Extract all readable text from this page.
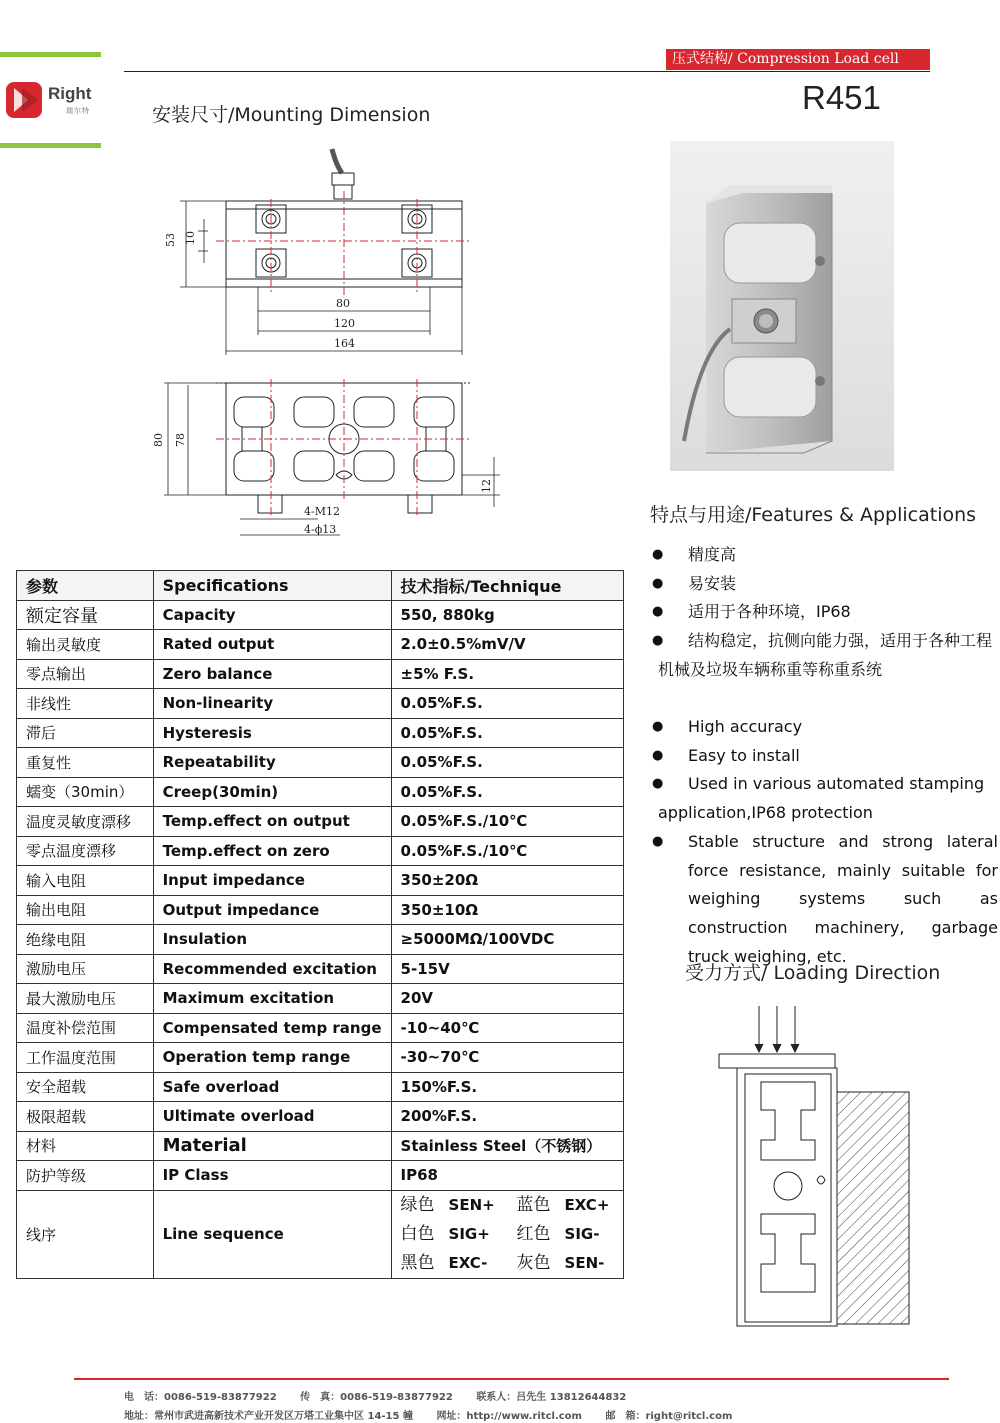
Right
瑞尔特
压式结构/ Compression Load cell
R451
安装尺寸/Mounting Dimension
53 10
80
120
164
80 78
12
4-M12
4-ϕ13
参数	Specifications	技术指标/Technique
额定容量	Capacity	550, 880kg
输出灵敏度	Rated output	2.0±0.5%mV/V
零点输出	Zero balance	±5% F.S.
非线性	Non-linearity	0.05%F.S.
滞后	Hysteresis	0.05%F.S.
重复性	Repeatability	0.05%F.S.
蠕变（30min）	Creep(30min)	0.05%F.S.
温度灵敏度漂移	Temp.effect on output	0.05%F.S./10℃
零点温度漂移	Temp.effect on zero	0.05%F.S./10℃
输入电阻	Input impedance	350±20Ω
输出电阻	Output impedance	350±10Ω
绝缘电阻	Insulation	≥5000MΩ/100VDC
激励电压	Recommended excitation	5-15V
最大激励电压	Maximum excitation	20V
温度补偿范围	Compensated temp range	-10~40℃
工作温度范围	Operation temp range	-30~70℃
安全超载	Safe overload	150%F.S.
极限超载	Ultimate overload	200%F.S.
材料	Material	Stainless Steel（不锈钢）
防护等级	IP Class	IP68
线序	Line sequence	绿色 SEN+ 蓝色 EXC+
白色 SIG+ 红色 SIG-
黑色 EXC- 灰色 SEN-
特点与用途/Features & Applications
● 精度高
● 易安装
● 适用于各种环境，IP68
● 结构稳定，抗侧向能力强，适用于各种工程
机械及垃圾车辆称重等称重系统
● High accuracy
● Easy to install
● Used in various automated stamping
application,IP68 protection
● Stable structure and strong lateral force resistance, mainly suitable for weighing systems such as construction machinery, garbage truck weighing, etc.
受力方式/ Loading Direction
电　话：0086-519-83877922 传　真：0086-519-83877922 联系人：吕先生 13812644832
地址：常州市武进高新技术产业开发区万塔工业集中区 14-15 幢 网址：http://www.ritcl.com 邮　箱：right@ritcl.com
